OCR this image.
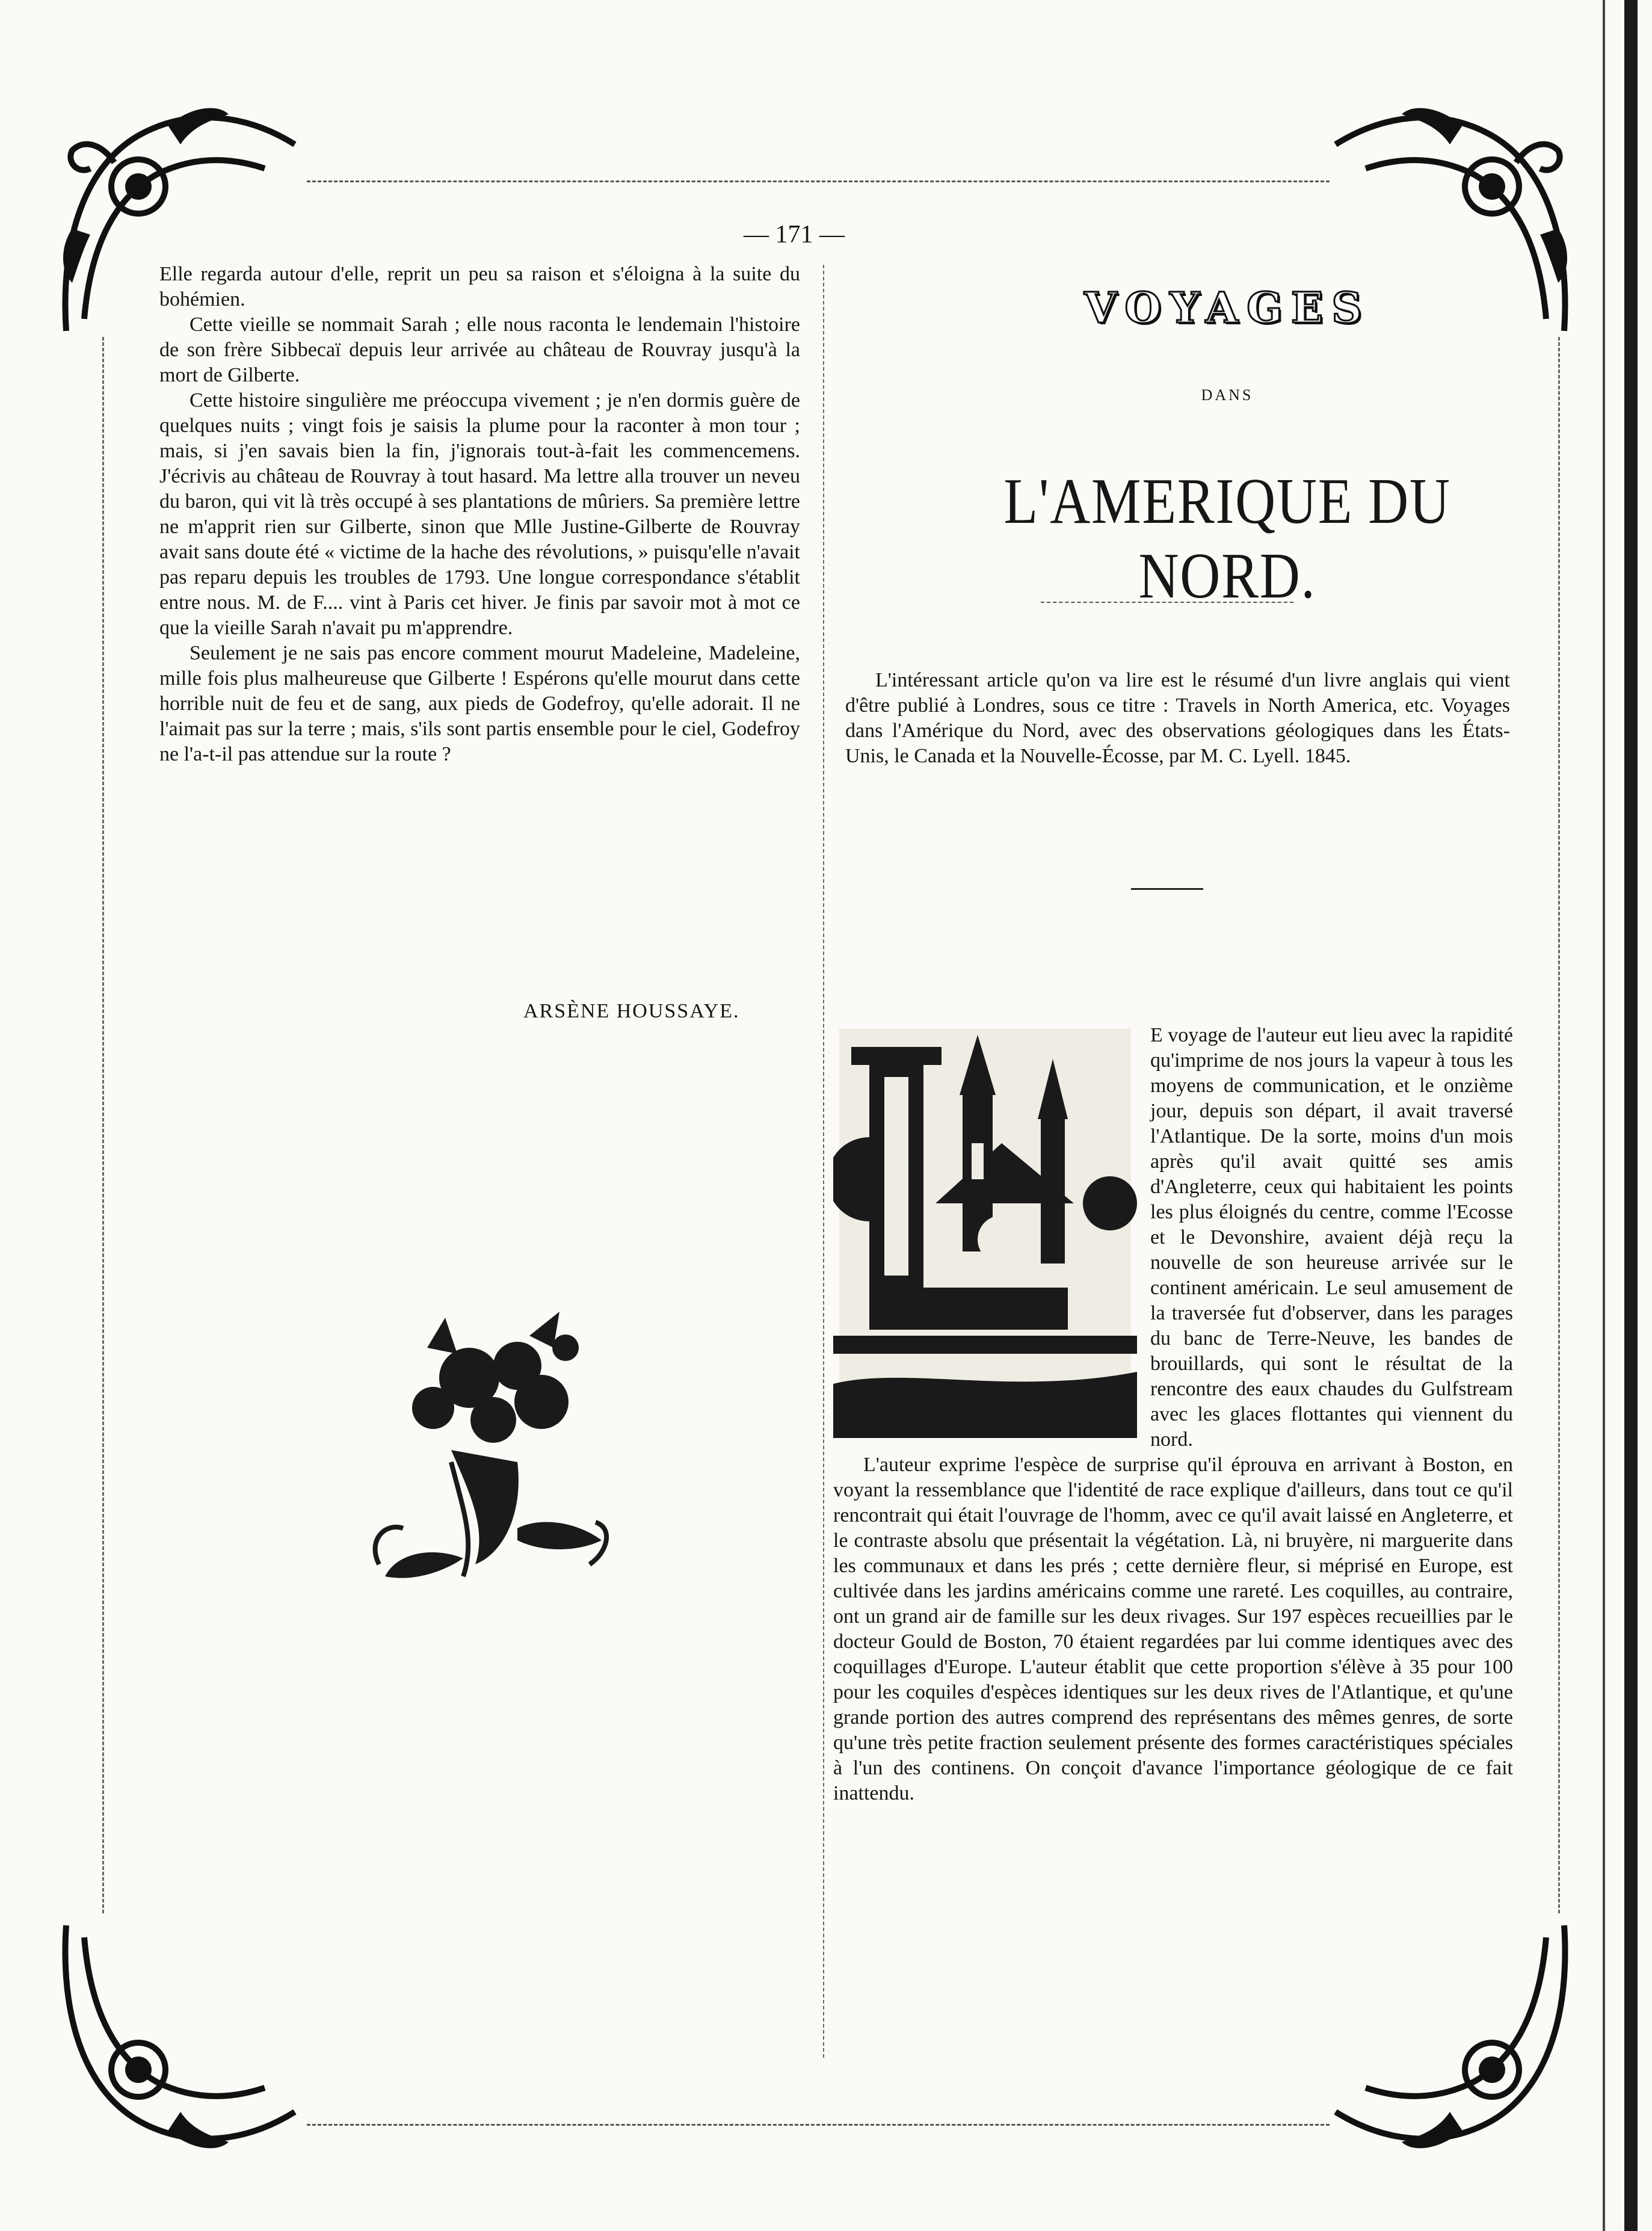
— 171 —

Elle regarda autour d'elle, reprit un peu sa raison et s'éloigna à la suite du bohémien.

Cette vieille se nommait Sarah ; elle nous raconta le lendemain l'histoire de son frère Sibbecaï depuis leur arrivée au château de Rouvray jusqu'à la mort de Gilberte.

Cette histoire singulière me préoccupa vivement ; je n'en dormis guère de quelques nuits ; vingt fois je saisis la plume pour la raconter à mon tour ; mais, si j'en savais bien la fin, j'ignorais tout-à-fait les commencemens. J'écrivis au château de Rouvray à tout hasard. Ma lettre alla trouver un neveu du baron, qui vit là très occupé à ses plantations de mûriers. Sa première lettre ne m'apprit rien sur Gilberte, sinon que Mlle Justine-Gilberte de Rouvray avait sans doute été « victime de la hache des révolutions, » puisqu'elle n'avait pas reparu depuis les troubles de 1793. Une longue correspondance s'établit entre nous. M. de F.... vint à Paris cet hiver. Je finis par savoir mot à mot ce que la vieille Sarah n'avait pu m'apprendre.

Seulement je ne sais pas encore comment mourut Madeleine, Madeleine, mille fois plus malheureuse que Gilberte ! Espérons qu'elle mourut dans cette horrible nuit de feu et de sang, aux pieds de Godefroy, qu'elle adorait. Il ne l'aimait pas sur la terre ; mais, s'ils sont partis ensemble pour le ciel, Godefroy ne l'a-t-il pas attendue sur la route ?

ARSÈNE HOUSSAYE.
VOYAGES
DANS
L'AMERIQUE DU NORD.

L'intéressant article qu'on va lire est le résumé d'un livre anglais qui vient d'être publié à Londres, sous ce titre : Travels in North America, etc. Voyages dans l'Amérique du Nord, avec des observations géologiques dans les États-Unis, le Canada et la Nouvelle-Écosse, par M. C. Lyell. 1845.

E voyage de l'auteur eut lieu avec la rapidité qu'imprime de nos jours la vapeur à tous les moyens de communication, et le onzième jour, depuis son départ, il avait traversé l'Atlantique. De la sorte, moins d'un mois après qu'il avait quitté ses amis d'Angleterre, ceux qui habitaient les points les plus éloignés du centre, comme l'Ecosse et le Devonshire, avaient déjà reçu la nouvelle de son heureuse arrivée sur le continent américain. Le seul amusement de la traversée fut d'observer, dans les parages du banc de Terre-Neuve, les bandes de brouillards, qui sont le résultat de la rencontre des eaux chaudes du Gulfstream avec les glaces flottantes qui viennent du nord.

L'auteur exprime l'espèce de surprise qu'il éprouva en arrivant à Boston, en voyant la ressemblance que l'identité de race explique d'ailleurs, dans tout ce qu'il rencontrait qui était l'ouvrage de l'homm, avec ce qu'il avait laissé en Angleterre, et le contraste absolu que présentait la végétation. Là, ni bruyère, ni marguerite dans les communaux et dans les prés ; cette dernière fleur, si méprisé en Europe, est cultivée dans les jardins américains comme une rareté. Les coquilles, au contraire, ont un grand air de famille sur les deux rivages. Sur 197 espèces recueillies par le docteur Gould de Boston, 70 étaient regardées par lui comme identiques avec des coquillages d'Europe. L'auteur établit que cette proportion s'élève à 35 pour 100 pour les coquiles d'espèces identiques sur les deux rives de l'Atlantique, et qu'une grande portion des autres comprend des représentans des mêmes genres, de sorte qu'une très petite fraction seulement présente des formes caractéristiques spéciales à l'un des continens. On conçoit d'avance l'importance géologique de ce fait inattendu.
